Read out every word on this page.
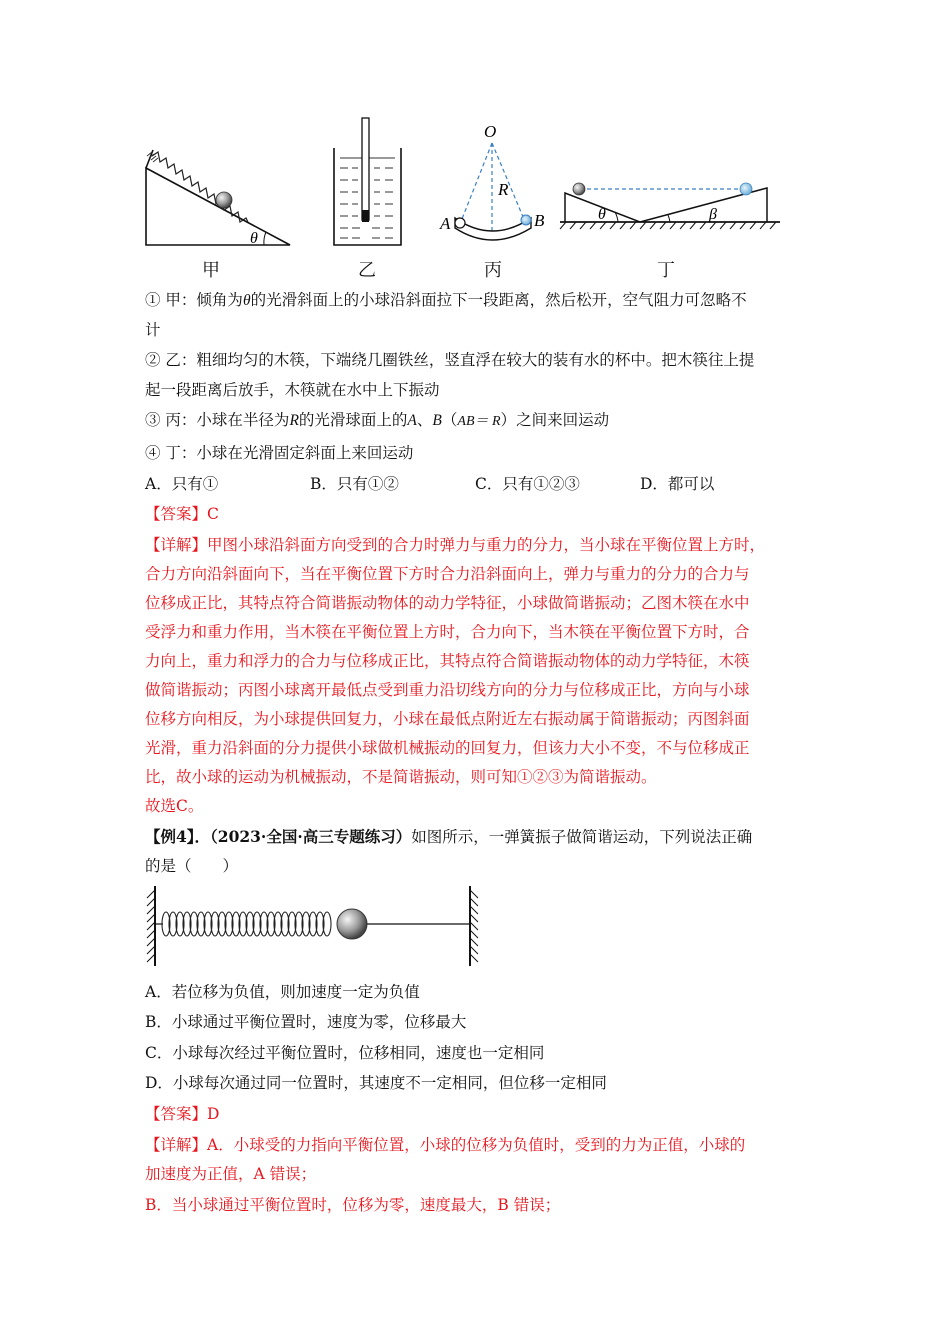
θ
O
R
A	B	θ	β
甲	乙	丙	丁
① 甲：倾角为θ的光滑斜面上的小球沿斜面拉下一段距离，然后松开，空气阻力可忽略不
计
② 乙：粗细均匀的木筷，下端绕几圈铁丝，竖直浮在较大的装有水的杯中。把木筷往上提
起一段距离后放手，木筷就在水中上下振动
③ 丙：小球在半径为R的光滑球面上的A、B（AB＝ R）之间来回运动
④ 丁：小球在光滑固定斜面上来回运动
A．只有①	B．只有①②	C．只有①②③	D．都可以
【答案】C
【详解】甲图小球沿斜面方向受到的合力时弹力与重力的分力，当小球在平衡位置上方时，
合力方向沿斜面向下，当在平衡位置下方时合力沿斜面向上，弹力与重力的分力的合力与
位移成正比，其特点符合简谐振动物体的动力学特征，小球做简谐振动；乙图木筷在水中
受浮力和重力作用，当木筷在平衡位置上方时，合力向下，当木筷在平衡位置下方时，合
力向上，重力和浮力的合力与位移成正比，其特点符合简谐振动物体的动力学特征，木筷
做简谐振动；丙图小球离开最低点受到重力沿切线方向的分力与位移成正比，方向与小球
位移方向相反，为小球提供回复力，小球在最低点附近左右振动属于简谐振动；丙图斜面
光滑，重力沿斜面的分力提供小球做机械振动的回复力，但该力大小不变，不与位移成正
比，故小球的运动为机械振动，不是简谐振动，则可知①②③为简谐振动。
故选C。
【例4】．（2023·全国·高三专题练习）如图所示，一弹簧振子做简谐运动，下列说法正确
的是（　　）
A．若位移为负值，则加速度一定为负值
B．小球通过平衡位置时，速度为零，位移最大
C．小球每次经过平衡位置时，位移相同，速度也一定相同
D．小球每次通过同一位置时，其速度不一定相同，但位移一定相同
【答案】D
【详解】A．小球受的力指向平衡位置，小球的位移为负值时，受到的力为正值，小球的
加速度为正值，A 错误；
B．当小球通过平衡位置时，位移为零，速度最大，B 错误；
